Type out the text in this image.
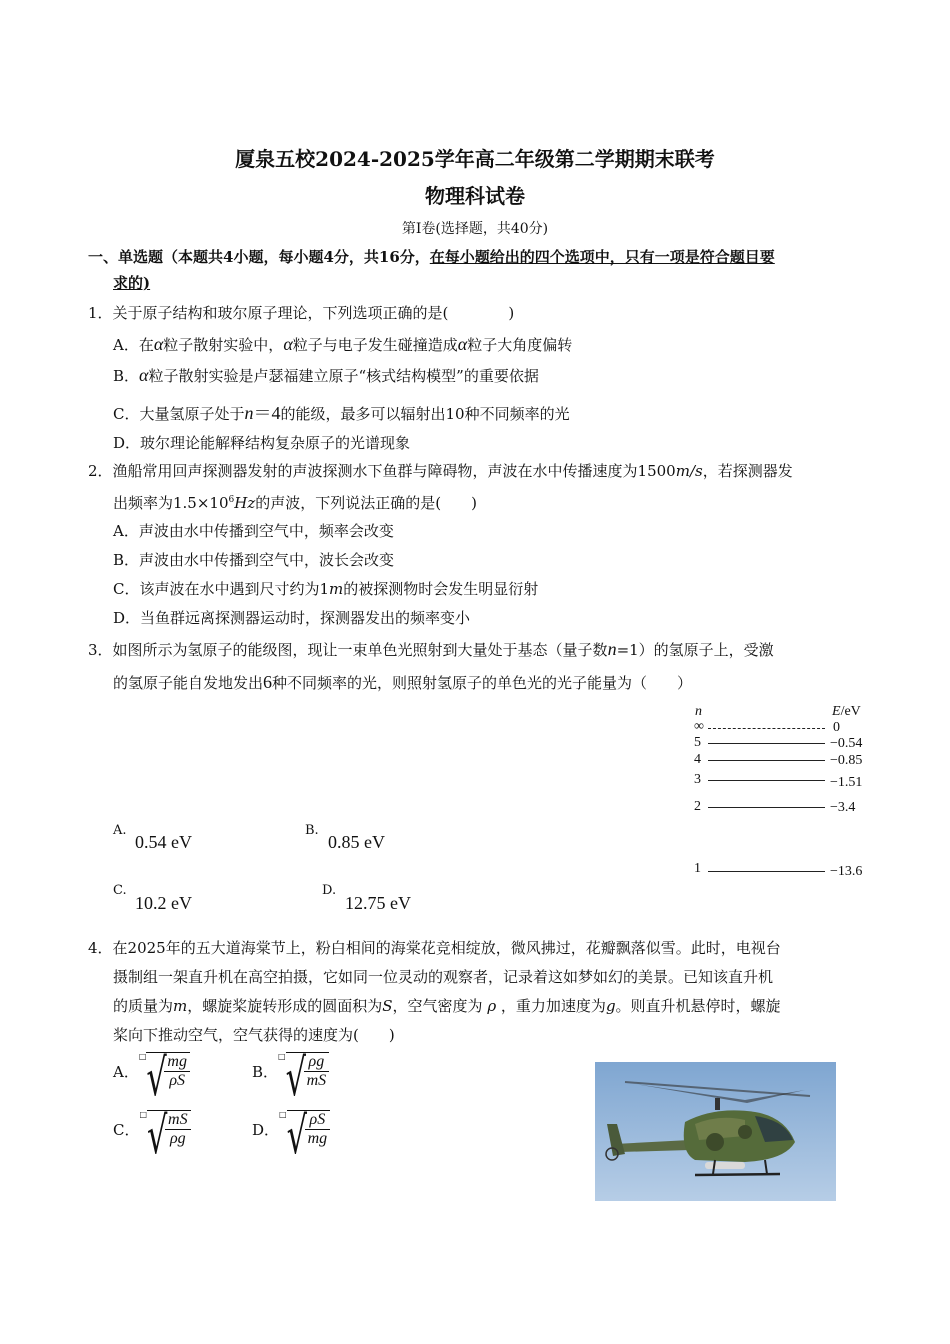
厦泉五校2024-2025学年高二年级第二学期期末联考
物理科试卷
第Ⅰ卷(选择题，共40分)
一、单选题（本题共4小题，每小题4分，共16分，在每小题给出的四个选项中，只有一项是符合题目要
求的)
1．关于原子结构和玻尔原子理论，下列选项正确的是(　　　　)
A．在α粒子散射实验中，α粒子与电子发生碰撞造成α粒子大角度偏转
B．α粒子散射实验是卢瑟福建立原子“核式结构模型”的重要依据
C．大量氢原子处于n＝4的能级，最多可以辐射出10种不同频率的光
D．玻尔理论能解释结构复杂原子的光谱现象
2．渔船常用回声探测器发射的声波探测水下鱼群与障碍物，声波在水中传播速度为1500m/s，若探测器发
出频率为$1.5\times 10^6Hz$的声波，下列说法正确的是(　　)
A．声波由水中传播到空气中，频率会改变
B．声波由水中传播到空气中，波长会改变
C．该声波在水中遇到尺寸约为1m的被探测物时会发生明显衍射
D．当鱼群远离探测器运动时，探测器发出的频率变小
3．如图所示为氢原子的能级图，现让一束单色光照射到大量处于基态（量子数n=1）的氢原子上，受激
的氢原子能自发地发出6种不同频率的光，则照射氢原子的单色光的光子能量为（　　）
n	E/eV
∞	0
5	−0.54
4	−0.85
3	−1.51
2	−3.4
1	−13.6
A.
0.54 eV
B.
0.85 eV
C.
10.2 eV
D.
12.75 eV
4．在2025年的五大道海棠节上，粉白相间的海棠花竞相绽放，微风拂过，花瓣飘落似雪。此时，电视台
摄制组一架直升机在高空拍摄，它如同一位灵动的观察者，记录着这如梦如幻的美景。已知该直升机
的质量为m，螺旋桨旋转形成的圆面积为S，空气密度为 ρ ，重力加速度为g。则直升机悬停时，螺旋
桨向下推动空气，空气获得的速度为(　　)
A．□ √ $\frac{mg}{\rho S}$	B．□ √ $\frac{\rho g}{mS}$
C．□ √ $\frac{mS}{\rho g}$	D．□ √ $\frac{\rho S}{mg}$
